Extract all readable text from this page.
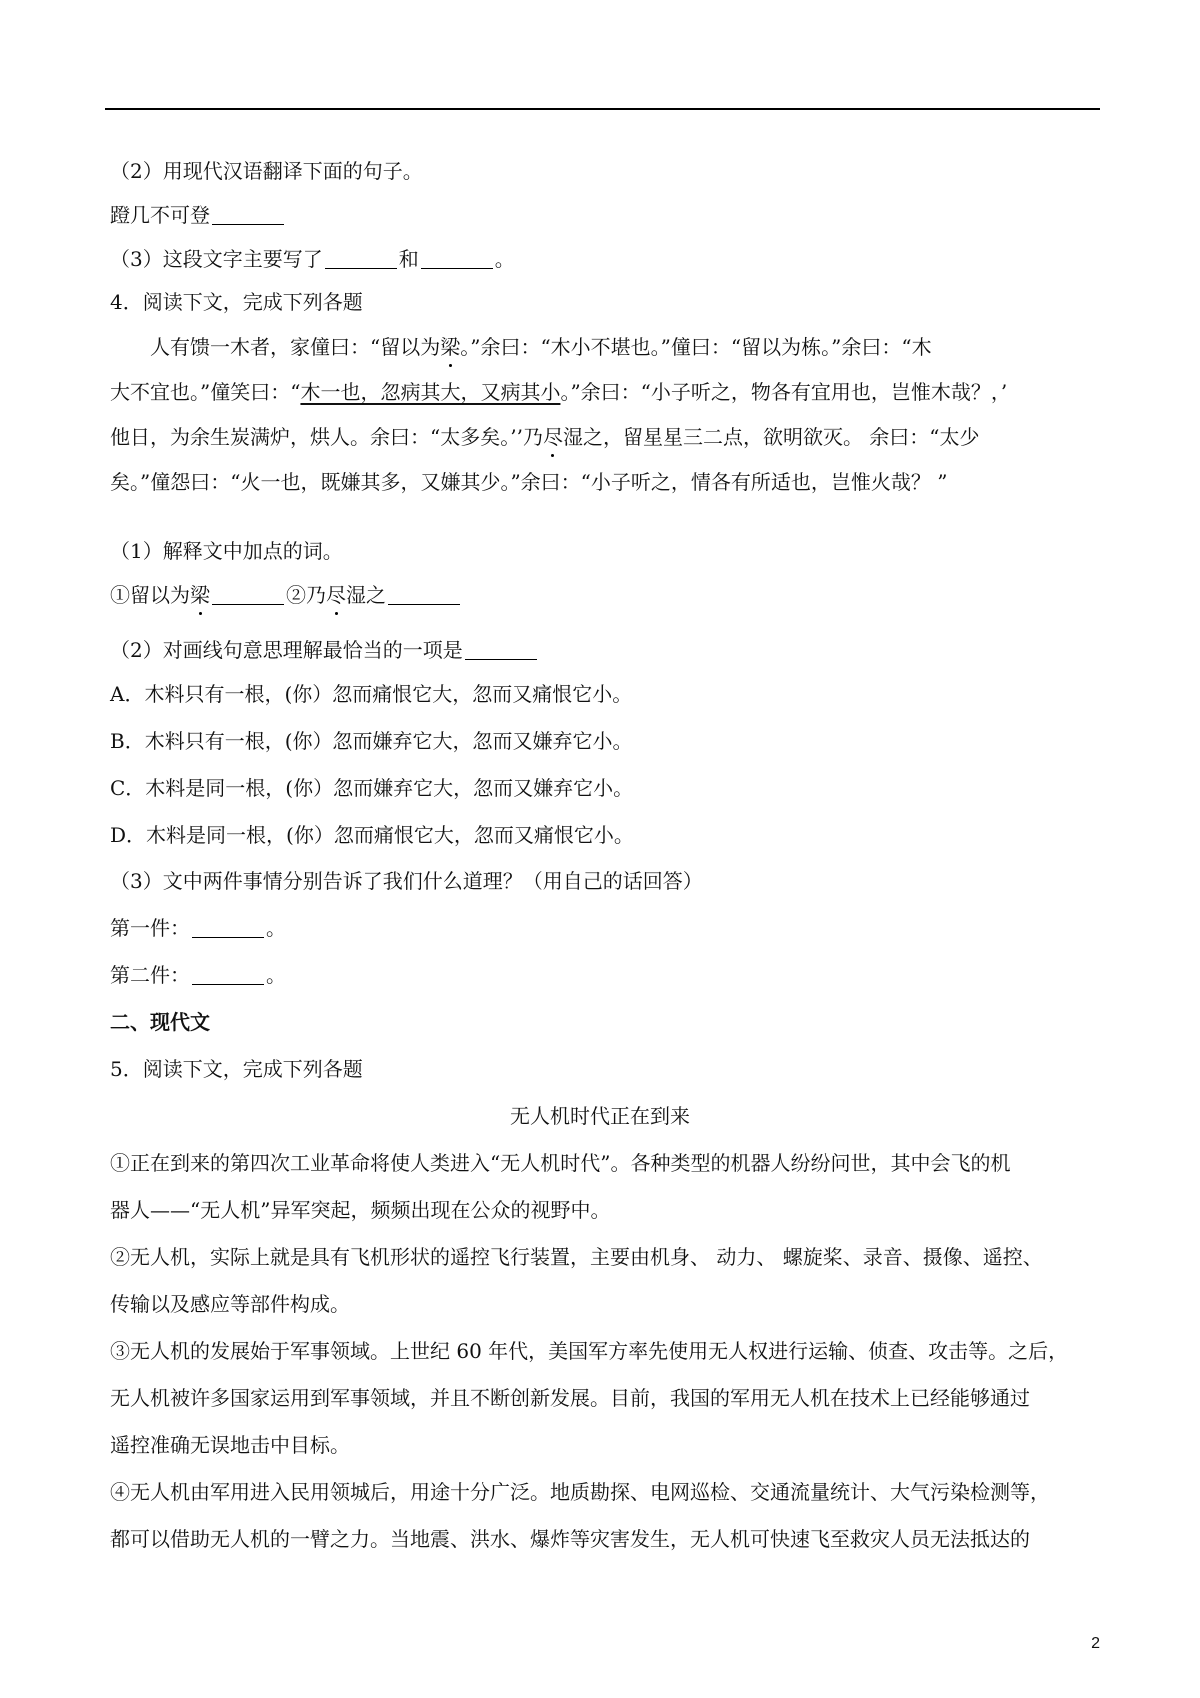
（2）用现代汉语翻译下面的句子。
蹬几不可登
（3）这段文字主要写了	和	。
4．阅读下文，完成下列各题
人有馈一木者，家僮曰：“留以为梁。”余曰：“木小不堪也。”僮曰：“留以为栋。”余曰：“木
大不宜也。”僮笑曰：“木一也，忽病其大，又病其小。”余曰：“小子听之，物各有宜用也，岂惟木哉？，’
他日，为余生炭满炉，烘人。余曰：“太多矣。’’乃尽湿之，留星星三二点，欲明欲灭。 余曰：“太少
矣。”僮怨曰：“火一也，既嫌其多，又嫌其少。”余曰：“小子听之，情各有所适也，岂惟火哉？ ”
（1）解释文中加点的词。
①留以为梁	②乃尽湿之
（2）对画线句意思理解最恰当的一项是
A．木料只有一根，(你）忽而痛恨它大，忽而又痛恨它小。
B．木料只有一根，(你）忽而嫌弃它大，忽而又嫌弃它小。
C．木料是同一根，(你）忽而嫌弃它大，忽而又嫌弃它小。
D．木料是同一根，(你）忽而痛恨它大，忽而又痛恨它小。
（3）文中两件事情分别告诉了我们什么道理？（用自己的话回答）
第一件：	。
第二件：	。
二、现代文
5．阅读下文，完成下列各题
无人机时代正在到来
①正在到来的第四次工业革命将使人类进入“无人机时代”。各种类型的机器人纷纷问世，其中会飞的机
器人——“无人机”异军突起，频频出现在公众的视野中。
②无人机，实际上就是具有飞机形状的遥控飞行装置，主要由机身、 动力、 螺旋桨、录音、摄像、遥控、
传输以及感应等部件构成。
③无人机的发展始于军事领域。上世纪 60 年代，美国军方率先使用无人权进行运输、侦查、攻击等。之后，
无人机被许多国家运用到军事领域，并且不断创新发展。目前，我国的军用无人机在技术上已经能够通过
遥控准确无误地击中目标。
④无人机由军用进入民用领城后，用途十分广泛。地质勘探、电网巡检、交通流量统计、大气污染检测等，
都可以借助无人机的一臂之力。当地震、洪水、爆炸等灾害发生，无人机可快速飞至救灾人员无法抵达的
2
